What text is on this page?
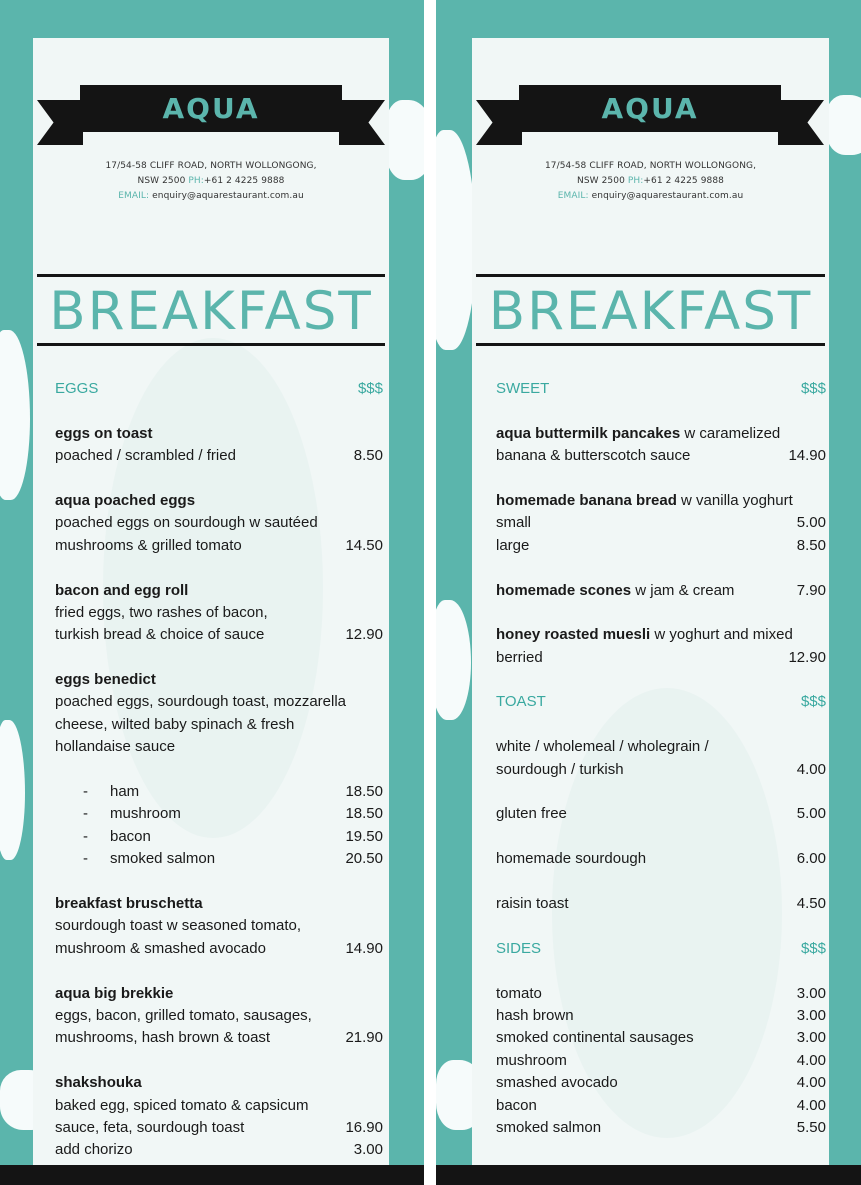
AQUA
17/54-58 CLIFF ROAD, NORTH WOLLONGONG,
NSW 2500 PH:+61 2 4225 9888
EMAIL: enquiry@aquarestaurant.com.au
BREAKFAST
EGGS	$$$
eggs on toast
poached / scrambled / fried	8.50
aqua poached eggs
poached eggs on sourdough w sautéed
mushrooms & grilled tomato	14.50
bacon and egg roll
fried eggs, two rashes of bacon,
turkish bread & choice of sauce	12.90
eggs benedict
poached eggs, sourdough toast, mozzarella
cheese, wilted baby spinach & fresh
hollandaise sauce
-	ham	18.50
-	mushroom	18.50
-	bacon	19.50
-	smoked salmon	20.50
breakfast bruschetta
sourdough toast w seasoned tomato,
mushroom & smashed avocado	14.90
aqua big brekkie
eggs, bacon, grilled tomato, sausages,
mushrooms, hash brown & toast	21.90
shakshouka
baked egg, spiced tomato & capsicum
sauce, feta, sourdough toast	16.90
add chorizo	3.00
AQUA
17/54-58 CLIFF ROAD, NORTH WOLLONGONG,
NSW 2500 PH:+61 2 4225 9888
EMAIL: enquiry@aquarestaurant.com.au
BREAKFAST
SWEET	$$$
aqua buttermilk pancakes w caramelized
banana & butterscotch sauce	14.90
homemade banana bread w vanilla yoghurt
small	5.00
large	8.50
homemade scones w jam & cream	7.90
honey roasted muesli w yoghurt and mixed
berried	12.90
TOAST	$$$
white / wholemeal / wholegrain /
sourdough / turkish	4.00
gluten free	5.00
homemade sourdough	6.00
raisin toast	4.50
SIDES	$$$
tomato	3.00
hash brown	3.00
smoked continental sausages	3.00
mushroom	4.00
smashed avocado	4.00
bacon	4.00
smoked salmon	5.50
